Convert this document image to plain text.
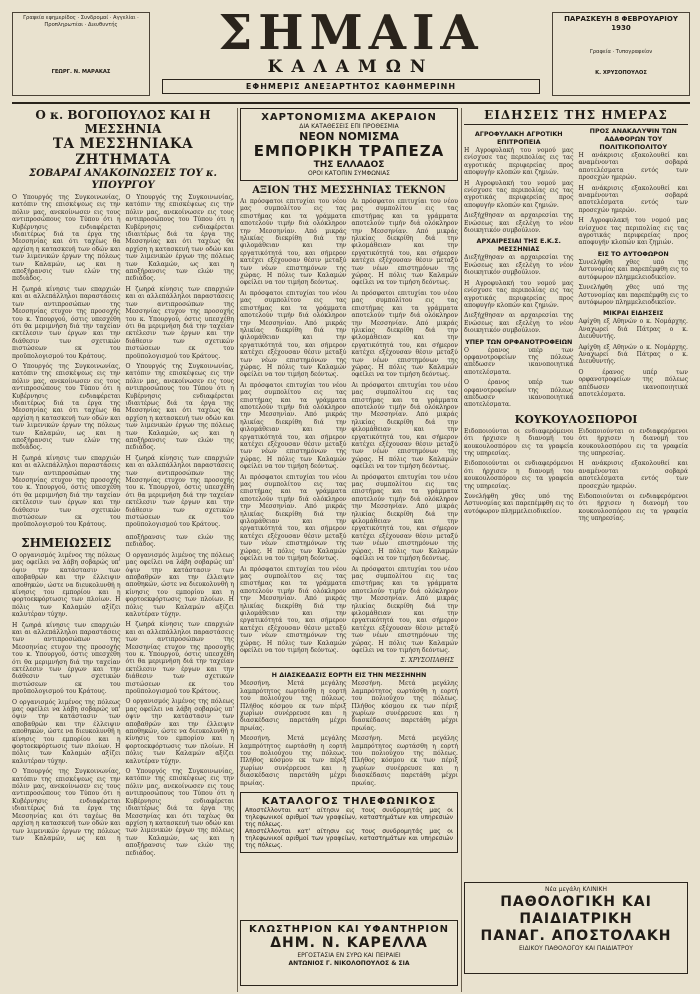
Γραφεία εφημερίδος · Συνδρομαί · Αγγελίαι · Προπληρωτέαι · Διευθυντής
ΓΕΩΡΓ. Ν. ΜΑΡΑΚΑΣ
ΣΗΜΑΙΑ
ΚΑΛΑΜΩΝ
ΕΦΗΜΕΡΙΣ ΑΝΕΞΑΡΤΗΤΟΣ ΚΑΘΗΜΕΡΙΝΗ
ΠΑΡΑΣΚΕΥΗ 8 ΦΕΒΡΟΥΑΡΙΟΥ 1930
Γραφεία · Τυπογραφείον
Κ. ΧΡΥΣΟΠΟΥΛΟΣ
Ο κ. ΒΟΓΟΠΟΥΛΟΣ ΚΑΙ Η ΜΕΣΣΗΝΙΑ
ΤΑ ΜΕΣΣΗΝΙΑΚΑ ΖΗΤΗΜΑΤΑ
ΣΟΒΑΡΑΙ ΑΝΑΚΟΙΝΩΣΕΙΣ ΤΟΥ κ. ΥΠΟΥΡΓΟΥ

Ο Υπουργός της Συγκοινωνίας, κατόπιν της επισκέψεως εις την πόλιν μας, ανεκοίνωσεν εις τους αντιπροσώπους του Τύπου ότι η Κυβέρνησις ενδιαφέρεται ιδιαιτέρως διά τα έργα της Μεσσηνίας και ότι ταχέως θα αρχίση η κατασκευή των οδών και των λιμενικών έργων της πόλεως των Καλαμών, ως και η αποξήρανσις των ελών της πεδιάδος.

Η ζωηρά κίνησις των επαρχιών και αι αλλεπάλληλοι παραστάσεις των αντιπροσώπων της Μεσσηνίας ετυχον της προσοχής του κ. Υπουργού, όστις υπεσχέθη ότι θα μεριμνήση διά την ταχείαν εκτέλεσιν των έργων και την διάθεσιν των σχετικών πιστώσεων εκ του προϋπολογισμού του Κράτους.

Ο Υπουργός της Συγκοινωνίας, κατόπιν της επισκέψεως εις την πόλιν μας, ανεκοίνωσεν εις τους αντιπροσώπους του Τύπου ότι η Κυβέρνησις ενδιαφέρεται ιδιαιτέρως διά τα έργα της Μεσσηνίας και ότι ταχέως θα αρχίση η κατασκευή των οδών και των λιμενικών έργων της πόλεως των Καλαμών, ως και η αποξήρανσις των ελών της πεδιάδος.

Η ζωηρά κίνησις των επαρχιών και αι αλλεπάλληλοι παραστάσεις των αντιπροσώπων της Μεσσηνίας ετυχον της προσοχής του κ. Υπουργού, όστις υπεσχέθη ότι θα μεριμνήση διά την ταχείαν εκτέλεσιν των έργων και την διάθεσιν των σχετικών πιστώσεων εκ του προϋπολογισμού του Κράτους.

Ο Υπουργός της Συγκοινωνίας, κατόπιν της επισκέψεως εις την πόλιν μας, ανεκοίνωσεν εις τους αντιπροσώπους του Τύπου ότι η Κυβέρνησις ενδιαφέρεται ιδιαιτέρως διά τα έργα της Μεσσηνίας και ότι ταχέως θα αρχίση η κατασκευή των οδών και των λιμενικών έργων της πόλεως των Καλαμών, ως και η αποξήρανσις των ελών της πεδιάδος.

Η ζωηρά κίνησις των επαρχιών και αι αλλεπάλληλοι παραστάσεις των αντιπροσώπων της Μεσσηνίας ετυχον της προσοχής του κ. Υπουργού, όστις υπεσχέθη ότι θα μεριμνήση διά την ταχείαν εκτέλεσιν των έργων και την διάθεσιν των σχετικών πιστώσεων εκ του προϋπολογισμού του Κράτους.

Ο Υπουργός της Συγκοινωνίας, κατόπιν της επισκέψεως εις την πόλιν μας, ανεκοίνωσεν εις τους αντιπροσώπους του Τύπου ότι η Κυβέρνησις ενδιαφέρεται ιδιαιτέρως διά τα έργα της Μεσσηνίας και ότι ταχέως θα αρχίση η κατασκευή των οδών και των λιμενικών έργων της πόλεως των Καλαμών, ως και η αποξήρανσις των ελών της πεδιάδος.

Η ζωηρά κίνησις των επαρχιών και αι αλλεπάλληλοι παραστάσεις των αντιπροσώπων της Μεσσηνίας ετυχον της προσοχής του κ. Υπουργού, όστις υπεσχέθη ότι θα μεριμνήση διά την ταχείαν εκτέλεσιν των έργων και την διάθεσιν των σχετικών πιστώσεων εκ του προϋπολογισμού του Κράτους.

ΣΗΜΕΙΩΣΕΙΣ

Ο οργανισμός λιμένος της πόλεως μας οφείλει να λάβη σοβαρώς υπ' όψιν την κατάστασιν των αποβαθρών και την έλλειψιν αποθηκών, ώστε να διευκολυνθή η κίνησις του εμπορίου και η φορτοεκφόρτωσις των πλοίων. Η πόλις των Καλαμών αξίζει καλυτέραν τύχην.

Η ζωηρά κίνησις των επαρχιών και αι αλλεπάλληλοι παραστάσεις των αντιπροσώπων της Μεσσηνίας ετυχον της προσοχής του κ. Υπουργού, όστις υπεσχέθη ότι θα μεριμνήση διά την ταχείαν εκτέλεσιν των έργων και την διάθεσιν των σχετικών πιστώσεων εκ του προϋπολογισμού του Κράτους.

Ο οργανισμός λιμένος της πόλεως μας οφείλει να λάβη σοβαρώς υπ' όψιν την κατάστασιν των αποβαθρών και την έλλειψιν αποθηκών, ώστε να διευκολυνθή η κίνησις του εμπορίου και η φορτοεκφόρτωσις των πλοίων. Η πόλις των Καλαμών αξίζει καλυτέραν τύχην.

Ο Υπουργός της Συγκοινωνίας, κατόπιν της επισκέψεως εις την πόλιν μας, ανεκοίνωσεν εις τους αντιπροσώπους του Τύπου ότι η Κυβέρνησις ενδιαφέρεται ιδιαιτέρως διά τα έργα της Μεσσηνίας και ότι ταχέως θα αρχίση η κατασκευή των οδών και των λιμενικών έργων της πόλεως των Καλαμών, ως και η αποξήρανσις των ελών της πεδιάδος.

Ο οργανισμός λιμένος της πόλεως μας οφείλει να λάβη σοβαρώς υπ' όψιν την κατάστασιν των αποβαθρών και την έλλειψιν αποθηκών, ώστε να διευκολυνθή η κίνησις του εμπορίου και η φορτοεκφόρτωσις των πλοίων. Η πόλις των Καλαμών αξίζει καλυτέραν τύχην.

Η ζωηρά κίνησις των επαρχιών και αι αλλεπάλληλοι παραστάσεις των αντιπροσώπων της Μεσσηνίας ετυχον της προσοχής του κ. Υπουργού, όστις υπεσχέθη ότι θα μεριμνήση διά την ταχείαν εκτέλεσιν των έργων και την διάθεσιν των σχετικών πιστώσεων εκ του προϋπολογισμού του Κράτους.

Ο οργανισμός λιμένος της πόλεως μας οφείλει να λάβη σοβαρώς υπ' όψιν την κατάστασιν των αποβαθρών και την έλλειψιν αποθηκών, ώστε να διευκολυνθή η κίνησις του εμπορίου και η φορτοεκφόρτωσις των πλοίων. Η πόλις των Καλαμών αξίζει καλυτέραν τύχην.

Ο Υπουργός της Συγκοινωνίας, κατόπιν της επισκέψεως εις την πόλιν μας, ανεκοίνωσεν εις τους αντιπροσώπους του Τύπου ότι η Κυβέρνησις ενδιαφέρεται ιδιαιτέρως διά τα έργα της Μεσσηνίας και ότι ταχέως θα αρχίση η κατασκευή των οδών και των λιμενικών έργων της πόλεως των Καλαμών, ως και η αποξήρανσις των ελών της πεδιάδος.

ΧΑΡΤΟΝΟΜΙΣΜΑ ΑΚΕΡΑΙΟΝ
ΔΙΑ ΚΑΤΑΘΕΣΕΙΣ ΕΠΙ ΠΡΟΘΕΣΜΙΑ
ΝΕΟΝ ΝΟΜΙΣΜΑ
ΕΜΠΟΡΙΚΗ ΤΡΑΠΕΖΑ
ΤΗΣ ΕΛΛΑΔΟΣ
ΟΡΟΙ ΚΑΤΟΠΙΝ ΣΥΜΦΩΝΙΑΣ
ΑΞΙΟΝ ΤΗΣ ΜΕΣΣΗΝΙΑΣ ΤΕΚΝΟΝ

Αι πρόσφατοι επιτυχίαι του νέου μας συμπολίτου εις τας επιστήμας και τα γράμματα αποτελούν τιμήν διά ολόκληρον την Μεσσηνίαν. Από μικράς ηλικίας διεκρίθη διά την φιλομάθειαν και την εργατικότητά του, και σήμερον κατέχει εξέχουσαν θέσιν μεταξύ των νέων επιστημόνων της χώρας. Η πόλις των Καλαμών οφείλει να τον τιμήση δεόντως.

Αι πρόσφατοι επιτυχίαι του νέου μας συμπολίτου εις τας επιστήμας και τα γράμματα αποτελούν τιμήν διά ολόκληρον την Μεσσηνίαν. Από μικράς ηλικίας διεκρίθη διά την φιλομάθειαν και την εργατικότητά του, και σήμερον κατέχει εξέχουσαν θέσιν μεταξύ των νέων επιστημόνων της χώρας. Η πόλις των Καλαμών οφείλει να τον τιμήση δεόντως.

Αι πρόσφατοι επιτυχίαι του νέου μας συμπολίτου εις τας επιστήμας και τα γράμματα αποτελούν τιμήν διά ολόκληρον την Μεσσηνίαν. Από μικράς ηλικίας διεκρίθη διά την φιλομάθειαν και την εργατικότητά του, και σήμερον κατέχει εξέχουσαν θέσιν μεταξύ των νέων επιστημόνων της χώρας. Η πόλις των Καλαμών οφείλει να τον τιμήση δεόντως.

Αι πρόσφατοι επιτυχίαι του νέου μας συμπολίτου εις τας επιστήμας και τα γράμματα αποτελούν τιμήν διά ολόκληρον την Μεσσηνίαν. Από μικράς ηλικίας διεκρίθη διά την φιλομάθειαν και την εργατικότητά του, και σήμερον κατέχει εξέχουσαν θέσιν μεταξύ των νέων επιστημόνων της χώρας. Η πόλις των Καλαμών οφείλει να τον τιμήση δεόντως.

Αι πρόσφατοι επιτυχίαι του νέου μας συμπολίτου εις τας επιστήμας και τα γράμματα αποτελούν τιμήν διά ολόκληρον την Μεσσηνίαν. Από μικράς ηλικίας διεκρίθη διά την φιλομάθειαν και την εργατικότητά του, και σήμερον κατέχει εξέχουσαν θέσιν μεταξύ των νέων επιστημόνων της χώρας. Η πόλις των Καλαμών οφείλει να τον τιμήση δεόντως.

Αι πρόσφατοι επιτυχίαι του νέου μας συμπολίτου εις τας επιστήμας και τα γράμματα αποτελούν τιμήν διά ολόκληρον την Μεσσηνίαν. Από μικράς ηλικίας διεκρίθη διά την φιλομάθειαν και την εργατικότητά του, και σήμερον κατέχει εξέχουσαν θέσιν μεταξύ των νέων επιστημόνων της χώρας. Η πόλις των Καλαμών οφείλει να τον τιμήση δεόντως.

Αι πρόσφατοι επιτυχίαι του νέου μας συμπολίτου εις τας επιστήμας και τα γράμματα αποτελούν τιμήν διά ολόκληρον την Μεσσηνίαν. Από μικράς ηλικίας διεκρίθη διά την φιλομάθειαν και την εργατικότητά του, και σήμερον κατέχει εξέχουσαν θέσιν μεταξύ των νέων επιστημόνων της χώρας. Η πόλις των Καλαμών οφείλει να τον τιμήση δεόντως.

Αι πρόσφατοι επιτυχίαι του νέου μας συμπολίτου εις τας επιστήμας και τα γράμματα αποτελούν τιμήν διά ολόκληρον την Μεσσηνίαν. Από μικράς ηλικίας διεκρίθη διά την φιλομάθειαν και την εργατικότητά του, και σήμερον κατέχει εξέχουσαν θέσιν μεταξύ των νέων επιστημόνων της χώρας. Η πόλις των Καλαμών οφείλει να τον τιμήση δεόντως.

Αι πρόσφατοι επιτυχίαι του νέου μας συμπολίτου εις τας επιστήμας και τα γράμματα αποτελούν τιμήν διά ολόκληρον την Μεσσηνίαν. Από μικράς ηλικίας διεκρίθη διά την φιλομάθειαν και την εργατικότητά του, και σήμερον κατέχει εξέχουσαν θέσιν μεταξύ των νέων επιστημόνων της χώρας. Η πόλις των Καλαμών οφείλει να τον τιμήση δεόντως.

Αι πρόσφατοι επιτυχίαι του νέου μας συμπολίτου εις τας επιστήμας και τα γράμματα αποτελούν τιμήν διά ολόκληρον την Μεσσηνίαν. Από μικράς ηλικίας διεκρίθη διά την φιλομάθειαν και την εργατικότητά του, και σήμερον κατέχει εξέχουσαν θέσιν μεταξύ των νέων επιστημόνων της χώρας. Η πόλις των Καλαμών οφείλει να τον τιμήση δεόντως.

Σ. ΧΡΥΣΟΠΑΘΗΣ
Η ΔΙΑΣΚΕΔΑΣΙΣ ΕΟΡΤΗ ΕΙΣ ΤΗΝ ΜΕΣΣΗΝΗΝ

Μεσσήνη. Μετά μεγάλης λαμπρότητος εωρτάσθη η εορτή του πολιούχου της πόλεως. Πλήθος κόσμου εκ των πέριξ χωρίων συνέρρευσε και η διασκέδασις παρετάθη μέχρι πρωίας.

Μεσσήνη. Μετά μεγάλης λαμπρότητος εωρτάσθη η εορτή του πολιούχου της πόλεως. Πλήθος κόσμου εκ των πέριξ χωρίων συνέρρευσε και η διασκέδασις παρετάθη μέχρι πρωίας.

Μεσσήνη. Μετά μεγάλης λαμπρότητος εωρτάσθη η εορτή του πολιούχου της πόλεως. Πλήθος κόσμου εκ των πέριξ χωρίων συνέρρευσε και η διασκέδασις παρετάθη μέχρι πρωίας.

Μεσσήνη. Μετά μεγάλης λαμπρότητος εωρτάσθη η εορτή του πολιούχου της πόλεως. Πλήθος κόσμου εκ των πέριξ χωρίων συνέρρευσε και η διασκέδασις παρετάθη μέχρι πρωίας.

ΚΑΤΑΛΟΓΟΣ ΤΗΛΕΦΩΝΙΚΟΣ
Αποστέλλονται κατ' αίτησιν εις τους συνδρομητάς μας οι τηλεφωνικοί αριθμοί των γραφείων, καταστημάτων και υπηρεσιών της πόλεως.
Αποστέλλονται κατ' αίτησιν εις τους συνδρομητάς μας οι τηλεφωνικοί αριθμοί των γραφείων, καταστημάτων και υπηρεσιών της πόλεως.
ΚΛΩΣΤΗΡΙΟΝ ΚΑΙ ΥΦΑΝΤΗΡΙΟΝ
ΔΗΜ. Ν. ΚΑΡΕΛΛΑ
ΕΡΓΟΣΤΑΣΙΑ ΕΝ ΣΥΡΩ ΚΑΙ ΠΕΙΡΑΙΕΙ
ΑΝΤΩΝΙΟΣ Γ. ΝΙΚΟΛΟΠΟΥΛΟΣ & ΣΙΑ
ΕΙΔΗΣΕΙΣ ΤΗΣ ΗΜΕΡΑΣ
ΑΓΡΟΦΥΛΑΚΗ ΑΓΡΟΤΙΚΗ ΕΠΙΤΡΟΠΕΙΑ

Η Αγροφυλακή του νομού μας ενίσχυσε τας περιπολίας εις τας αγροτικάς περιφερείας προς αποφυγήν κλοπών και ζημιών.

Η Αγροφυλακή του νομού μας ενίσχυσε τας περιπολίας εις τας αγροτικάς περιφερείας προς αποφυγήν κλοπών και ζημιών.

Διεξήχθησαν αι αρχαιρεσίαι της Ενώσεως και εξελέγη το νέον διοικητικόν συμβούλιον.

ΑΡΧΑΙΡΕΣΙΑΙ ΤΗΣ Ε.Κ.Σ. ΜΕΣΣΗΝΙΑΣ

Διεξήχθησαν αι αρχαιρεσίαι της Ενώσεως και εξελέγη το νέον διοικητικόν συμβούλιον.

Η Αγροφυλακή του νομού μας ενίσχυσε τας περιπολίας εις τας αγροτικάς περιφερείας προς αποφυγήν κλοπών και ζημιών.

Διεξήχθησαν αι αρχαιρεσίαι της Ενώσεως και εξελέγη το νέον διοικητικόν συμβούλιον.

ΥΠΕΡ ΤΩΝ ΟΡΦΑΝΟΤΡΟΦΕΙΩΝ

Ο έρανος υπέρ των ορφανοτροφείων της πόλεως απέδωσεν ικανοποιητικά αποτελέσματα.

Ο έρανος υπέρ των ορφανοτροφείων της πόλεως απέδωσεν ικανοποιητικά αποτελέσματα.

ΠΡΟΣ ΑΝΑΚΑΛΥΨΙΝ ΤΩΝ ΑΔΑΦΟΡΩΝ ΤΟΥ ΠΟΛΙΤΙΚΟΠΟΛΙΤΟΥ

Η ανάκρισις εξακολουθεί και αναμένονται σοβαρά αποτελέσματα εντός των προσεχών ημερών.

Η ανάκρισις εξακολουθεί και αναμένονται σοβαρά αποτελέσματα εντός των προσεχών ημερών.

Η Αγροφυλακή του νομού μας ενίσχυσε τας περιπολίας εις τας αγροτικάς περιφερείας προς αποφυγήν κλοπών και ζημιών.

ΕΙΣ ΤΟ ΑΥΤΟΦΩΡΟΝ

Συνελήφθη χθες υπό της Αστυνομίας και παρεπέμφθη εις το αυτόφωρον πλημμελειοδικείον.

Συνελήφθη χθες υπό της Αστυνομίας και παρεπέμφθη εις το αυτόφωρον πλημμελειοδικείον.

ΜΙΚΡΑΙ ΕΙΔΗΣΕΙΣ

Αφίχθη εξ Αθηνών ο κ. Νομάρχης. Αναχωρεί διά Πάτρας ο κ. Διευθυντής.

Αφίχθη εξ Αθηνών ο κ. Νομάρχης. Αναχωρεί διά Πάτρας ο κ. Διευθυντής.

Ο έρανος υπέρ των ορφανοτροφείων της πόλεως απέδωσεν ικανοποιητικά αποτελέσματα.

ΚΟΥΚΟΥΛΟΣΠΟΡΟΙ

Ειδοποιούνται οι ενδιαφερόμενοι ότι ήρχισεν η διανομή του κουκουλοσπόρου εις τα γραφεία της υπηρεσίας.

Ειδοποιούνται οι ενδιαφερόμενοι ότι ήρχισεν η διανομή του κουκουλοσπόρου εις τα γραφεία της υπηρεσίας.

Συνελήφθη χθες υπό της Αστυνομίας και παρεπέμφθη εις το αυτόφωρον πλημμελειοδικείον.

Ειδοποιούνται οι ενδιαφερόμενοι ότι ήρχισεν η διανομή του κουκουλοσπόρου εις τα γραφεία της υπηρεσίας.

Η ανάκρισις εξακολουθεί και αναμένονται σοβαρά αποτελέσματα εντός των προσεχών ημερών.

Ειδοποιούνται οι ενδιαφερόμενοι ότι ήρχισεν η διανομή του κουκουλοσπόρου εις τα γραφεία της υπηρεσίας.

Νέα μεγάλη ΚΛΙΝΙΚΗ
ΠΑΘΟΛΟΓΙΚΗ ΚΑΙ ΠΑΙΔΙΑΤΡΙΚΗ
ΠΑΝΑΓ. ΑΠΟΣΤΟΛΑΚΗ
ΕΙΔΙΚΟΥ ΠΑΘΟΛΟΓΟΥ ΚΑΙ ΠΑΙΔΙΑΤΡΟΥ
